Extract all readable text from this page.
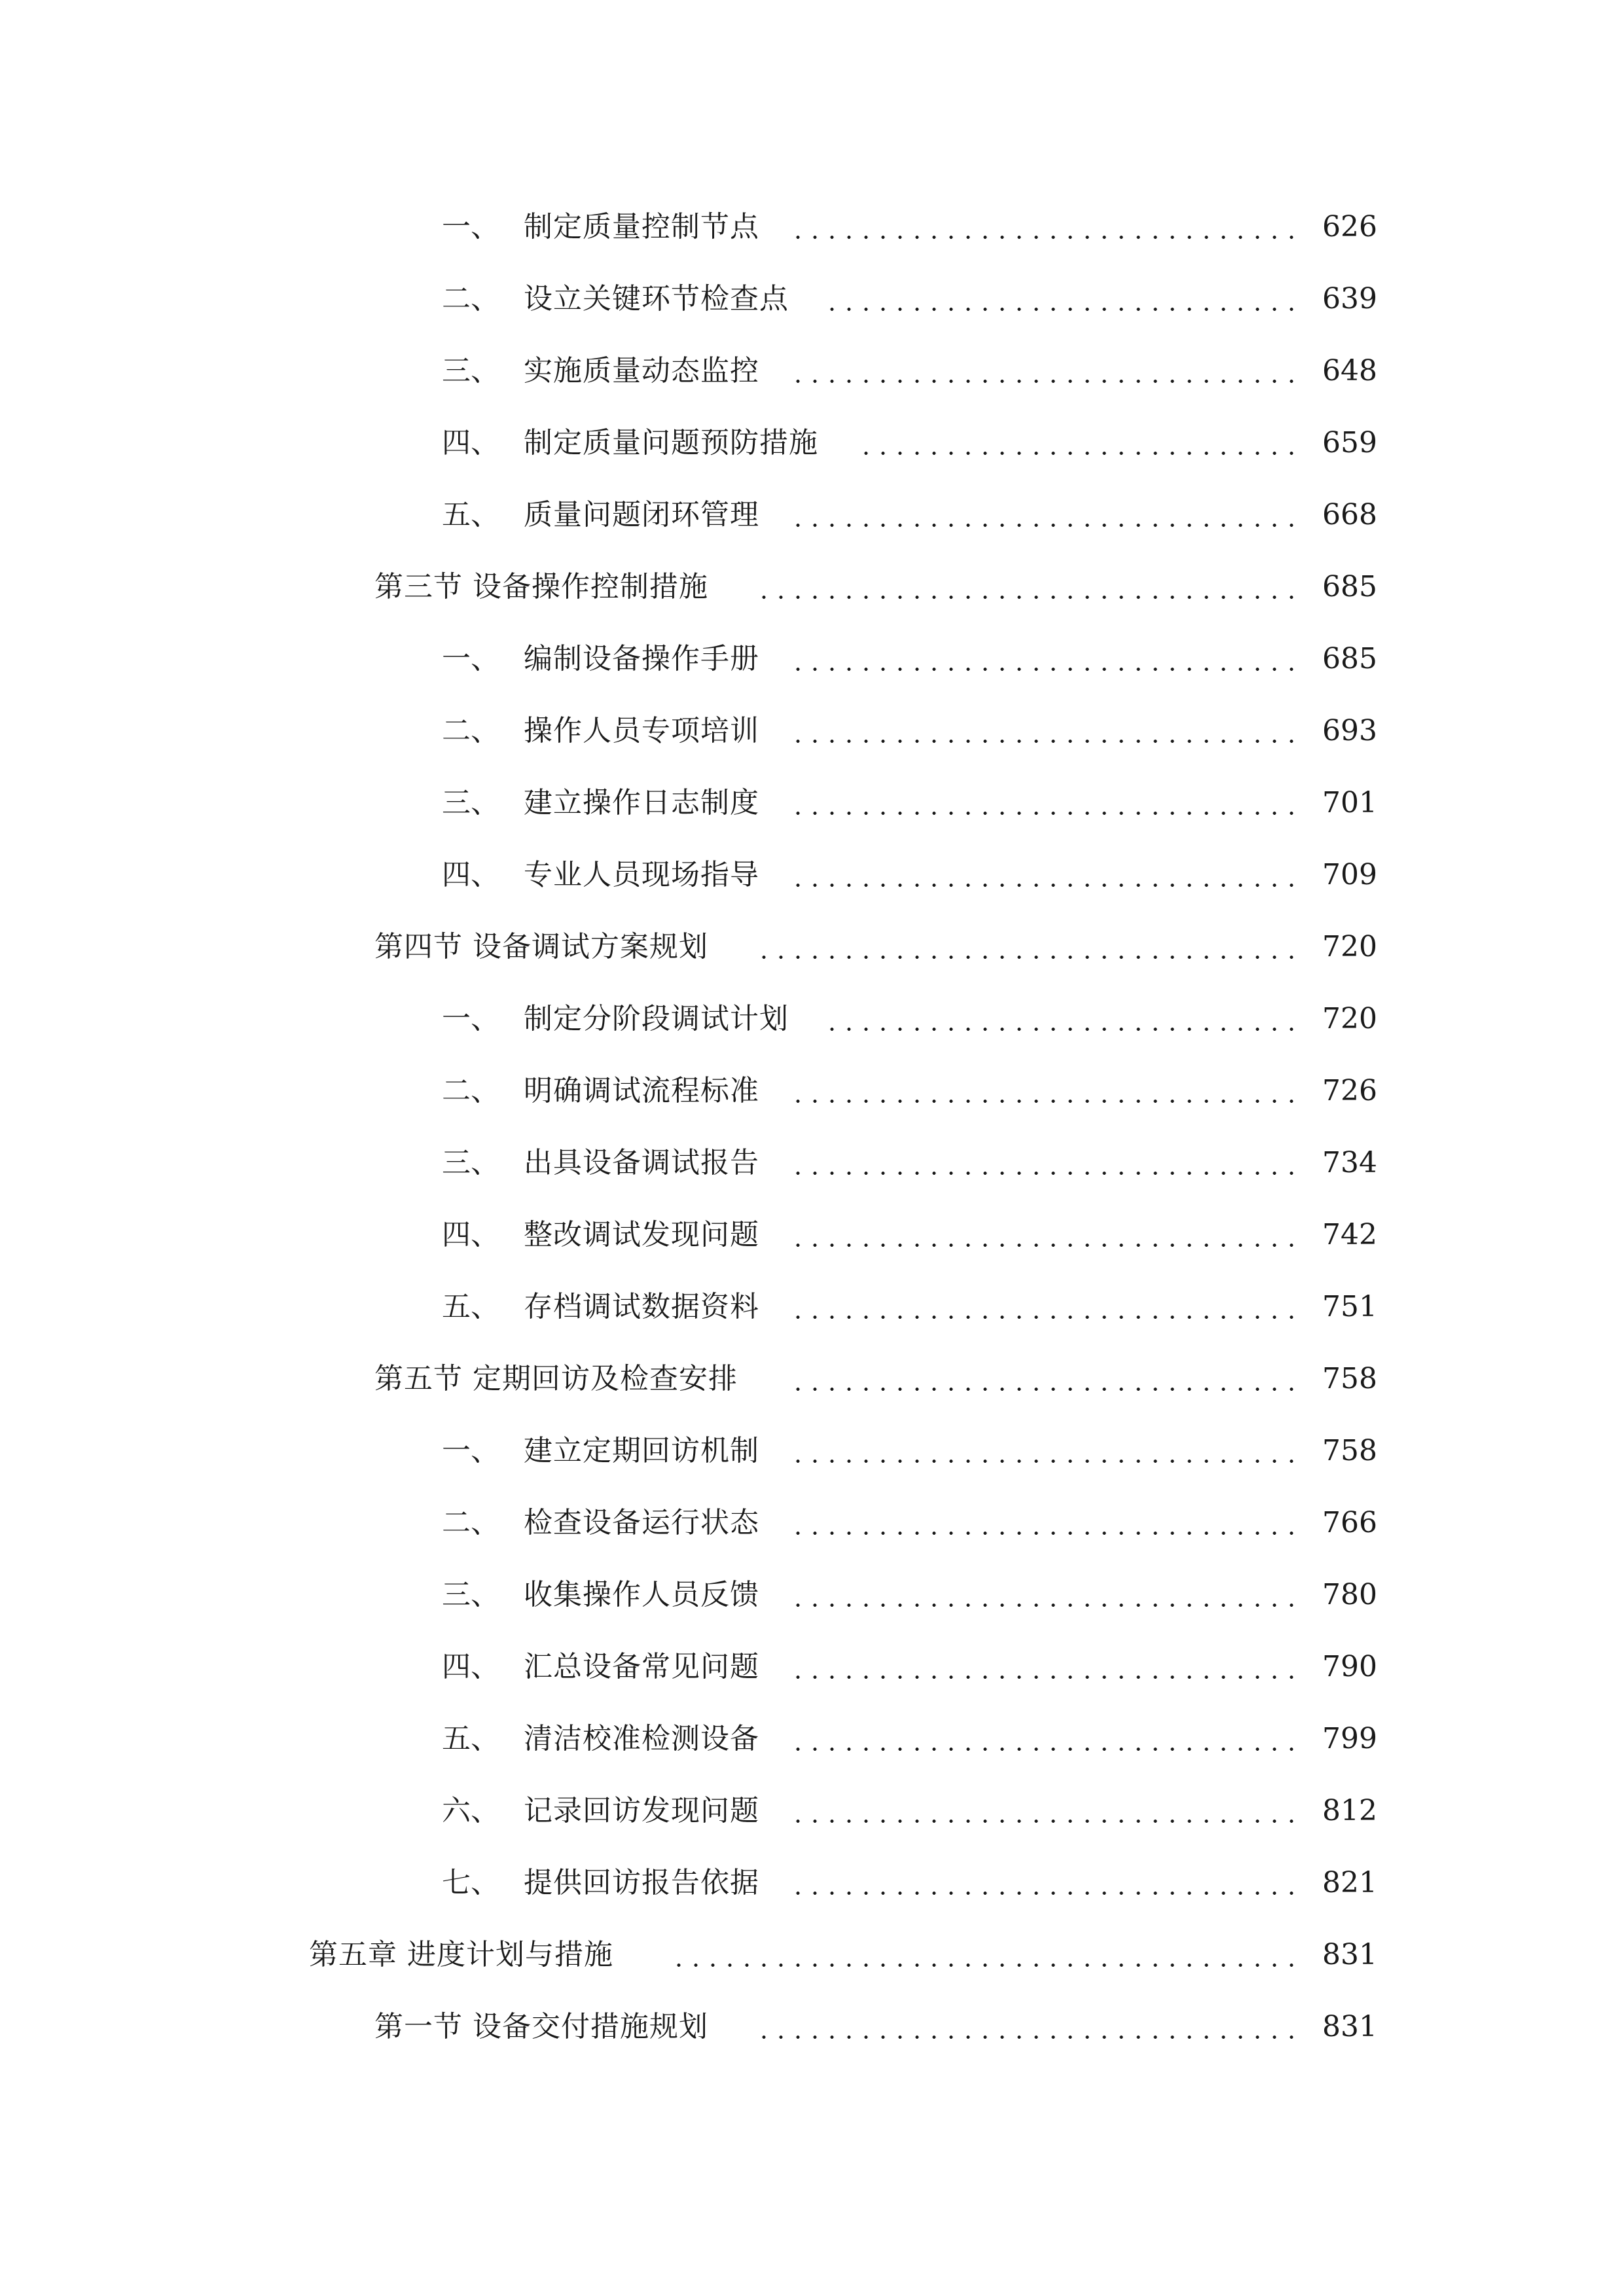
一、 制定质量控制节点	626
二、 设立关键环节检查点	639
三、 实施质量动态监控	648
四、 制定质量问题预防措施	659
五、 质量问题闭环管理	668
第三节 设备操作控制措施	685
一、 编制设备操作手册	685
二、 操作人员专项培训	693
三、 建立操作日志制度	701
四、 专业人员现场指导	709
第四节 设备调试方案规划	720
一、 制定分阶段调试计划	720
二、 明确调试流程标准	726
三、 出具设备调试报告	734
四、 整改调试发现问题	742
五、 存档调试数据资料	751
第五节 定期回访及检查安排	758
一、 建立定期回访机制	758
二、 检查设备运行状态	766
三、 收集操作人员反馈	780
四、 汇总设备常见问题	790
五、 清洁校准检测设备	799
六、 记录回访发现问题	812
七、 提供回访报告依据	821
第五章 进度计划与措施	831
第一节 设备交付措施规划	831
